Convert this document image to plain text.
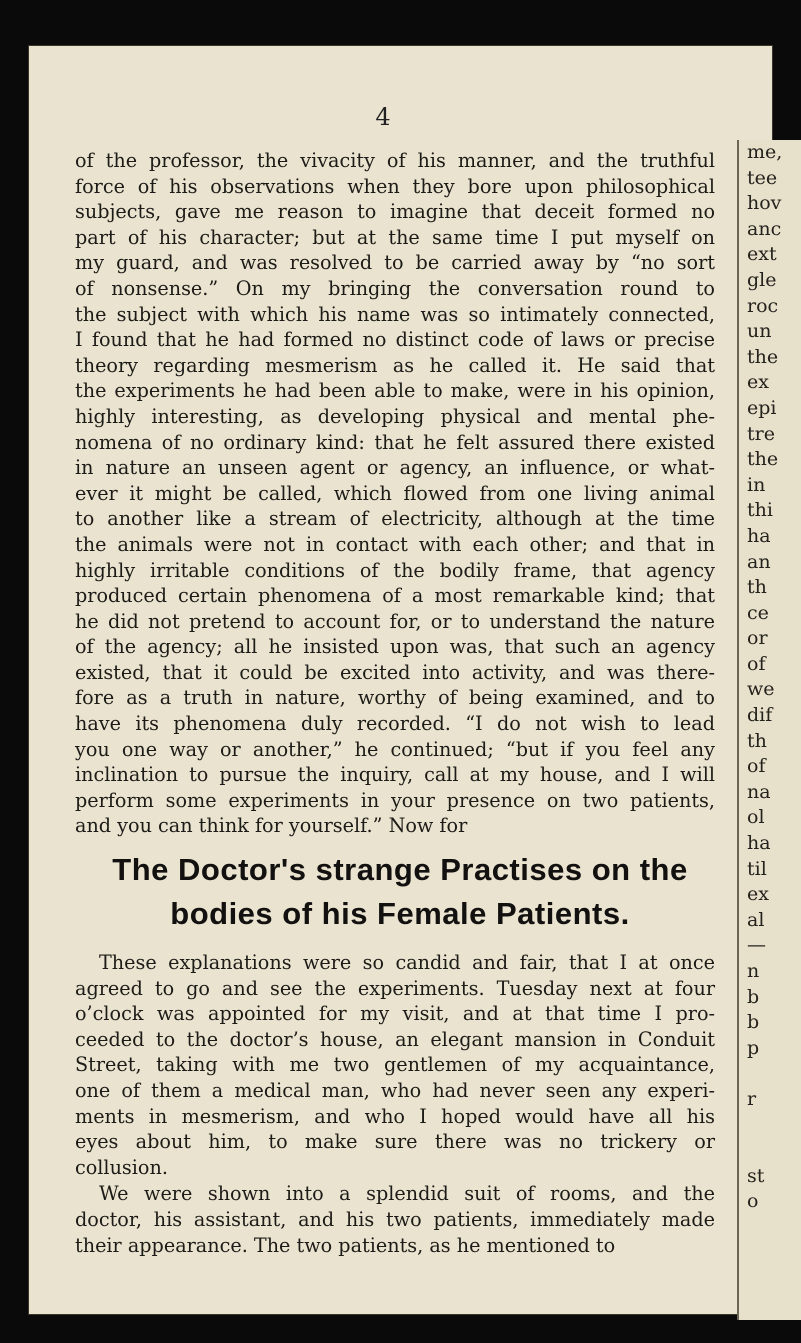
4
me,
tee
hov
anc
ext
gle
roc
un
the
ex
epi
tre
the
in
thi
ha
an
th
ce
or
of
we
dif
th
of
na
ol
ha
til
ex
al
—
n
b
b
p
r
st
o
of the professor, the vivacity of his manner, and the truthful
force of his observations when they bore upon philosophical
subjects, gave me reason to imagine that deceit formed no
part of his character; but at the same time I put myself on
my guard, and was resolved to be carried away by “no sort
of nonsense.” On my bringing the conversation round to
the subject with which his name was so intimately connected,
I found that he had formed no distinct code of laws or precise
theory regarding mesmerism as he called it. He said that
the experiments he had been able to make, were in his opinion,
highly interesting, as developing physical and mental phe-
nomena of no ordinary kind: that he felt assured there existed
in nature an unseen agent or agency, an influence, or what-
ever it might be called, which flowed from one living animal
to another like a stream of electricity, although at the time
the animals were not in contact with each other; and that in
highly irritable conditions of the bodily frame, that agency
produced certain phenomena of a most remarkable kind; that
he did not pretend to account for, or to understand the nature
of the agency; all he insisted upon was, that such an agency
existed, that it could be excited into activity, and was there-
fore as a truth in nature, worthy of being examined, and to
have its phenomena duly recorded. “I do not wish to lead
you one way or another,” he continued; “but if you feel any
inclination to pursue the inquiry, call at my house, and I will
perform some experiments in your presence on two patients,
and you can think for yourself.” Now for
The Doctor's strange Practises on the
bodies of his Female Patients.
These explanations were so candid and fair, that I at once
agreed to go and see the experiments. Tuesday next at four
o’clock was appointed for my visit, and at that time I pro-
ceeded to the doctor’s house, an elegant mansion in Conduit
Street, taking with me two gentlemen of my acquaintance,
one of them a medical man, who had never seen any experi-
ments in mesmerism, and who I hoped would have all his
eyes about him, to make sure there was no trickery or
collusion.
We were shown into a splendid suit of rooms, and the
doctor, his assistant, and his two patients, immediately made
their appearance. The two patients, as he mentioned to
